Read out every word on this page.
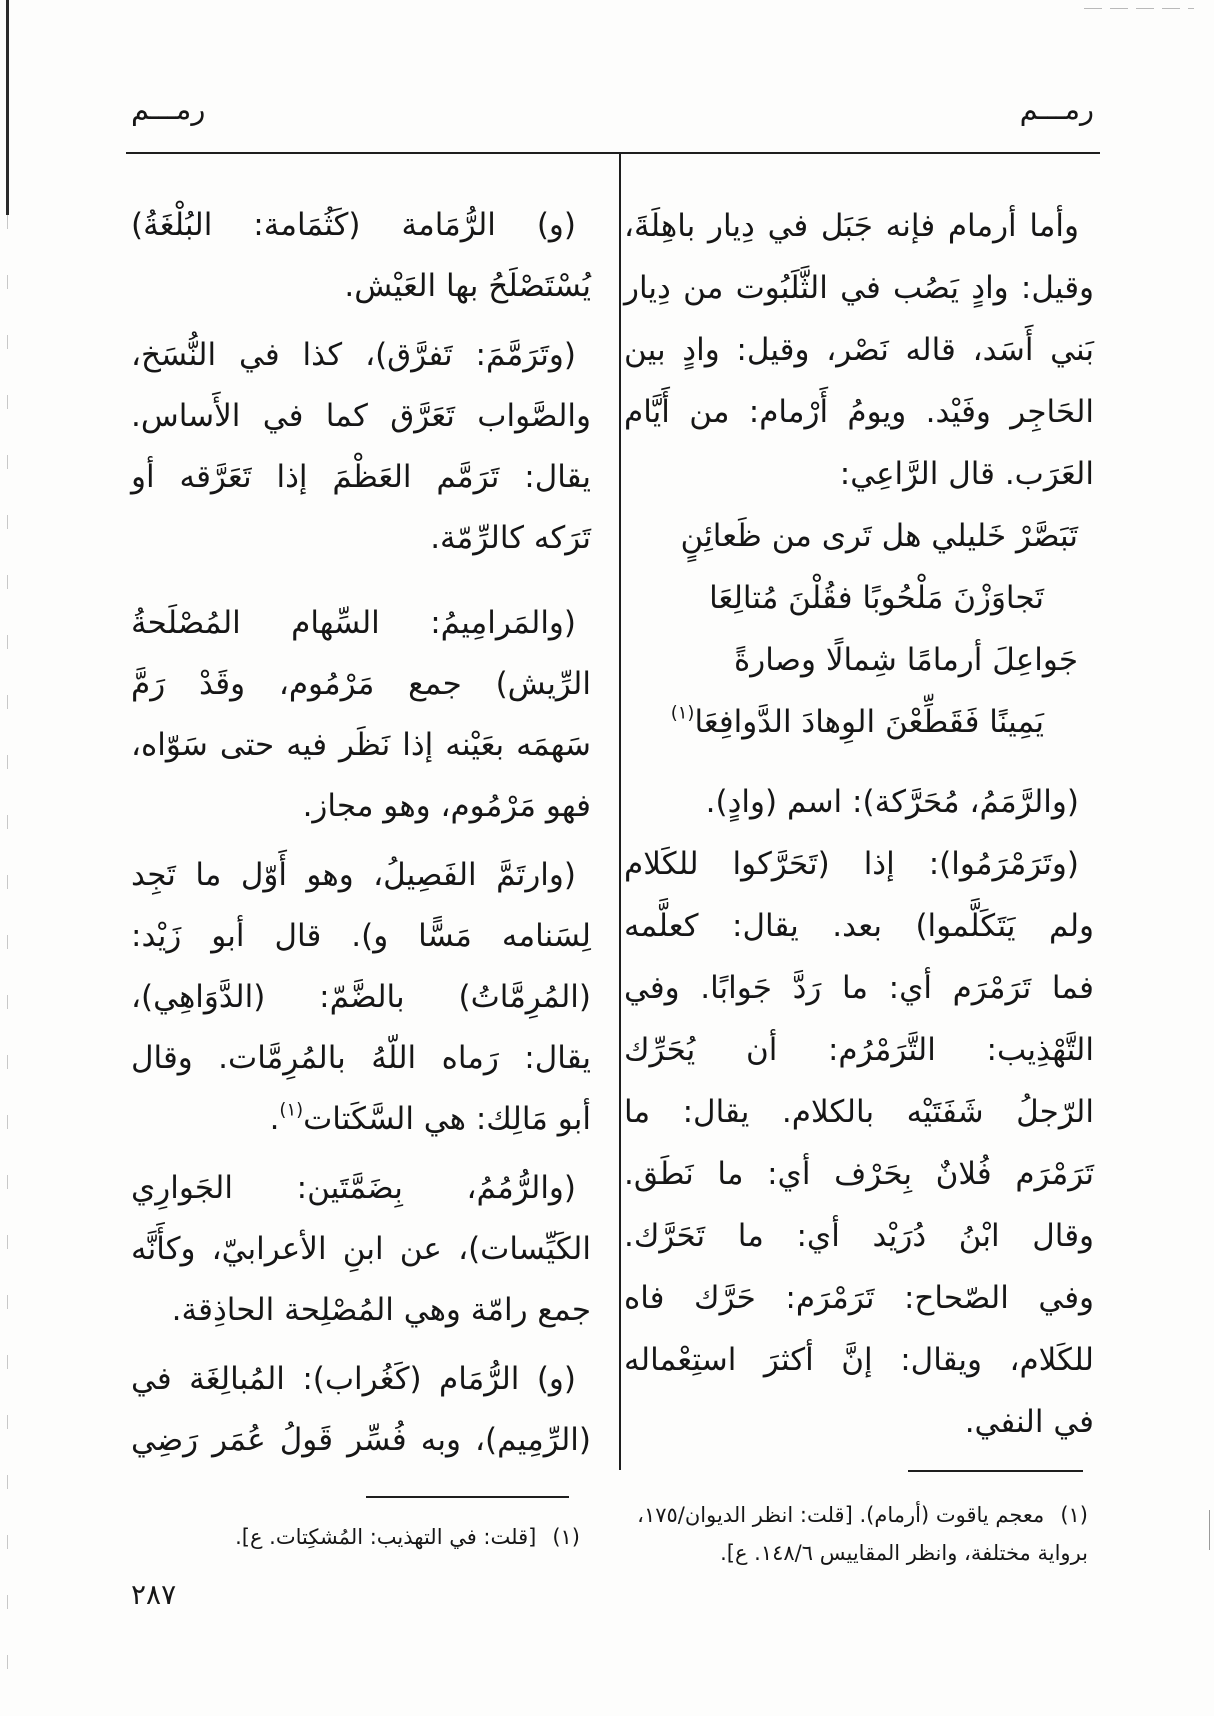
رمـــم
رمـــم
وأما أرمام فإنه جَبَل في دِيار باهِلَةَ،
وقيل: وادٍ يَصُب في الثَّلَبُوت من دِيار
بَني أَسَد، قاله نَصْر، وقيل: وادٍ بين
الحَاجِر وفَيْد. ويومُ أَرْمام: من أَيَّام
العَرَب. قال الرَّاعِي:
تَبَصَّرْ خَليلي هل تَرى من ظَعائِنٍ
تَجاوَزْنَ مَلْحُوبًا فقُلْنَ مُتالِعَا
جَواعِلَ أرمامًا شِمالًا وصارةً
يَمِينًا فَقَطِّعْنَ الوِهادَ الدَّوافِعَا$^{(١)}$
(والرَّمَمُ، مُحَرَّكة): اسم (وادٍ).
(وتَرَمْرَمُوا): إذا (تَحَرَّكوا للكَلام
ولم يَتَكَلَّموا) بعد. يقال: كعلَّمه
فما تَرَمْرَم أي: ما رَدَّ جَوابًا. وفي
التَّهْذِيب: التَّرَمْرُم: أن يُحَرِّك
الرّجلُ شَفَتَيْه بالكلام. يقال: ما
تَرَمْرَم فُلانٌ بِحَرْف أي: ما نَطَق.
وقال ابْنُ دُرَيْد أي: ما تَحَرَّك.
وفي الصّحاح: تَرَمْرَم: حَرَّك فاه
للكَلام، ويقال: إنَّ أكثرَ استِعْماله
في النفي.
(و) الرُّمَامة (كَثُمَامة: البُلْغَةُ)
يُسْتَصْلَحُ بها العَيْش.
(وتَرَمَّمَ: تَفرَّق)، كذا في النُّسَخ،
والصَّواب تَعَرَّق كما في الأَساس.
يقال: تَرَمَّم العَظْمَ إذا تَعَرَّقه أو
تَرَكه كالرِّمّة.
(والمَرامِيمُ: السِّهام المُصْلَحةُ
الرِّيش) جمع مَرْمُوم، وقَدْ رَمَّ
سَهمَه بعَيْنه إذا نَظَر فيه حتى سَوّاه،
فهو مَرْمُوم، وهو مجاز.
(وارتَمَّ الفَصِيلُ، وهو أَوّل ما تَجِد
لِسَنامه مَسًّا و). قال أبو زَيْد:
(المُرِمَّاتُ) بالضَّمّ: (الدَّوَاهِي)،
يقال: رَماه اللّهُ بالمُرِمَّات. وقال
أبو مَالِك: هي السَّكَتات$^{(١)}$.
(والرُّمُمُ، بِضَمَّتَين: الجَوارِي
الكَيِّسات)، عن ابنِ الأعرابيّ، وكأَنَّه
جمع رامّة وهي المُصْلِحة الحاذِقة.
(و) الرُّمَام (كَغُراب): المُبالِغَة في
(الرِّمِيم)، وبه فُسِّر قَولُ عُمَر رَضِي
(١)معجم ياقوت (أرمام). [قلت: انظر الديوان/١٧٥،
برواية مختلفة، وانظر المقاييس ١٤٨/٦. ع].
(١)[قلت: في التهذيب: المُشكِتات. ع].
٢٨٧
